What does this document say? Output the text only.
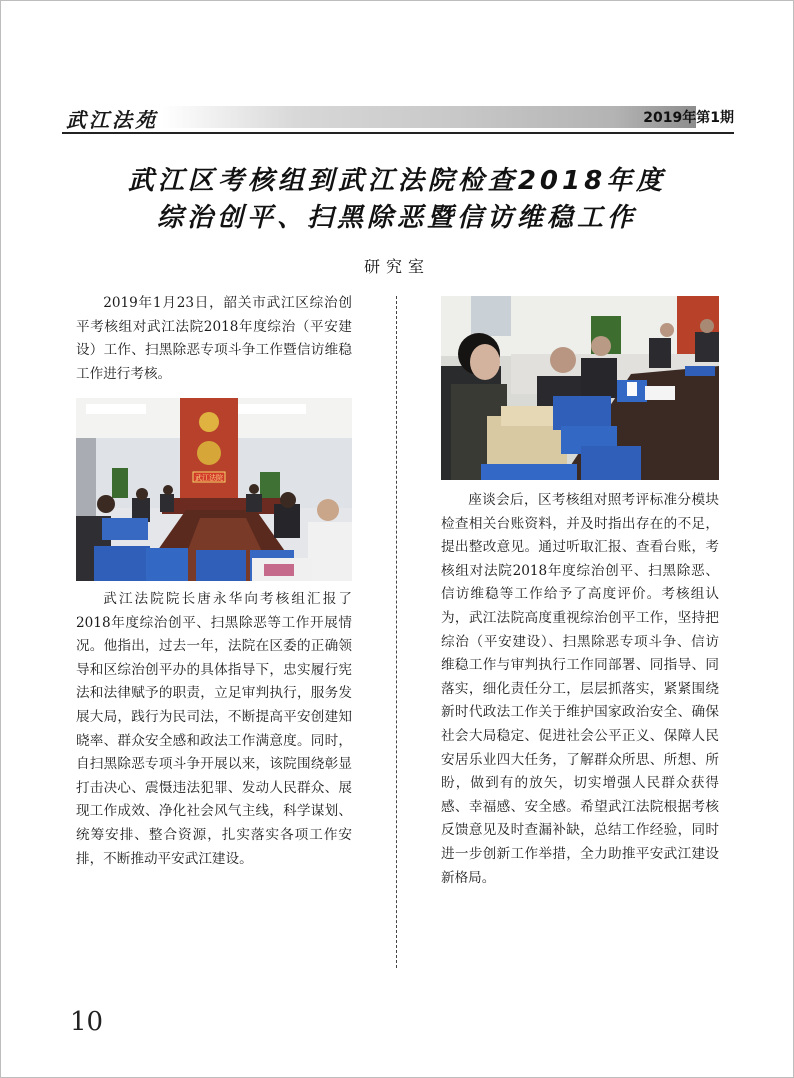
武江法苑	2019年第1期
武江区考核组到武江法院检查2018年度
综治创平、扫黑除恶暨信访维稳工作
研究室

2019年1月23日，韶关市武江区综治创平考核组对武江法院2018年度综治（平安建设）工作、扫黑除恶专项斗争工作暨信访维稳工作进行考核。

武江法院

武江法院院长唐永华向考核组汇报了2018年度综治创平、扫黑除恶等工作开展情况。他指出，过去一年，法院在区委的正确领导和区综治创平办的具体指导下，忠实履行宪法和法律赋予的职责，立足审判执行，服务发展大局，践行为民司法，不断提高平安创建知晓率、群众安全感和政法工作满意度。同时，自扫黑除恶专项斗争开展以来，该院围绕彰显打击决心、震慑违法犯罪、发动人民群众、展现工作成效、净化社会风气主线，科学谋划、统筹安排、整合资源，扎实落实各项工作安排，不断推动平安武江建设。

座谈会后，区考核组对照考评标准分模块检查相关台账资料，并及时指出存在的不足，提出整改意见。通过听取汇报、查看台账，考核组对法院2018年度综治创平、扫黑除恶、信访维稳等工作给予了高度评价。考核组认为，武江法院高度重视综治创平工作，坚持把综治（平安建设）、扫黑除恶专项斗争、信访维稳工作与审判执行工作同部署、同指导、同落实，细化责任分工，层层抓落实，紧紧围绕新时代政法工作关于维护国家政治安全、确保社会大局稳定、促进社会公平正义、保障人民安居乐业四大任务，了解群众所思、所想、所盼，做到有的放矢，切实增强人民群众获得感、幸福感、安全感。希望武江法院根据考核反馈意见及时查漏补缺，总结工作经验，同时进一步创新工作举措，全力助推平安武江建设新格局。

10
